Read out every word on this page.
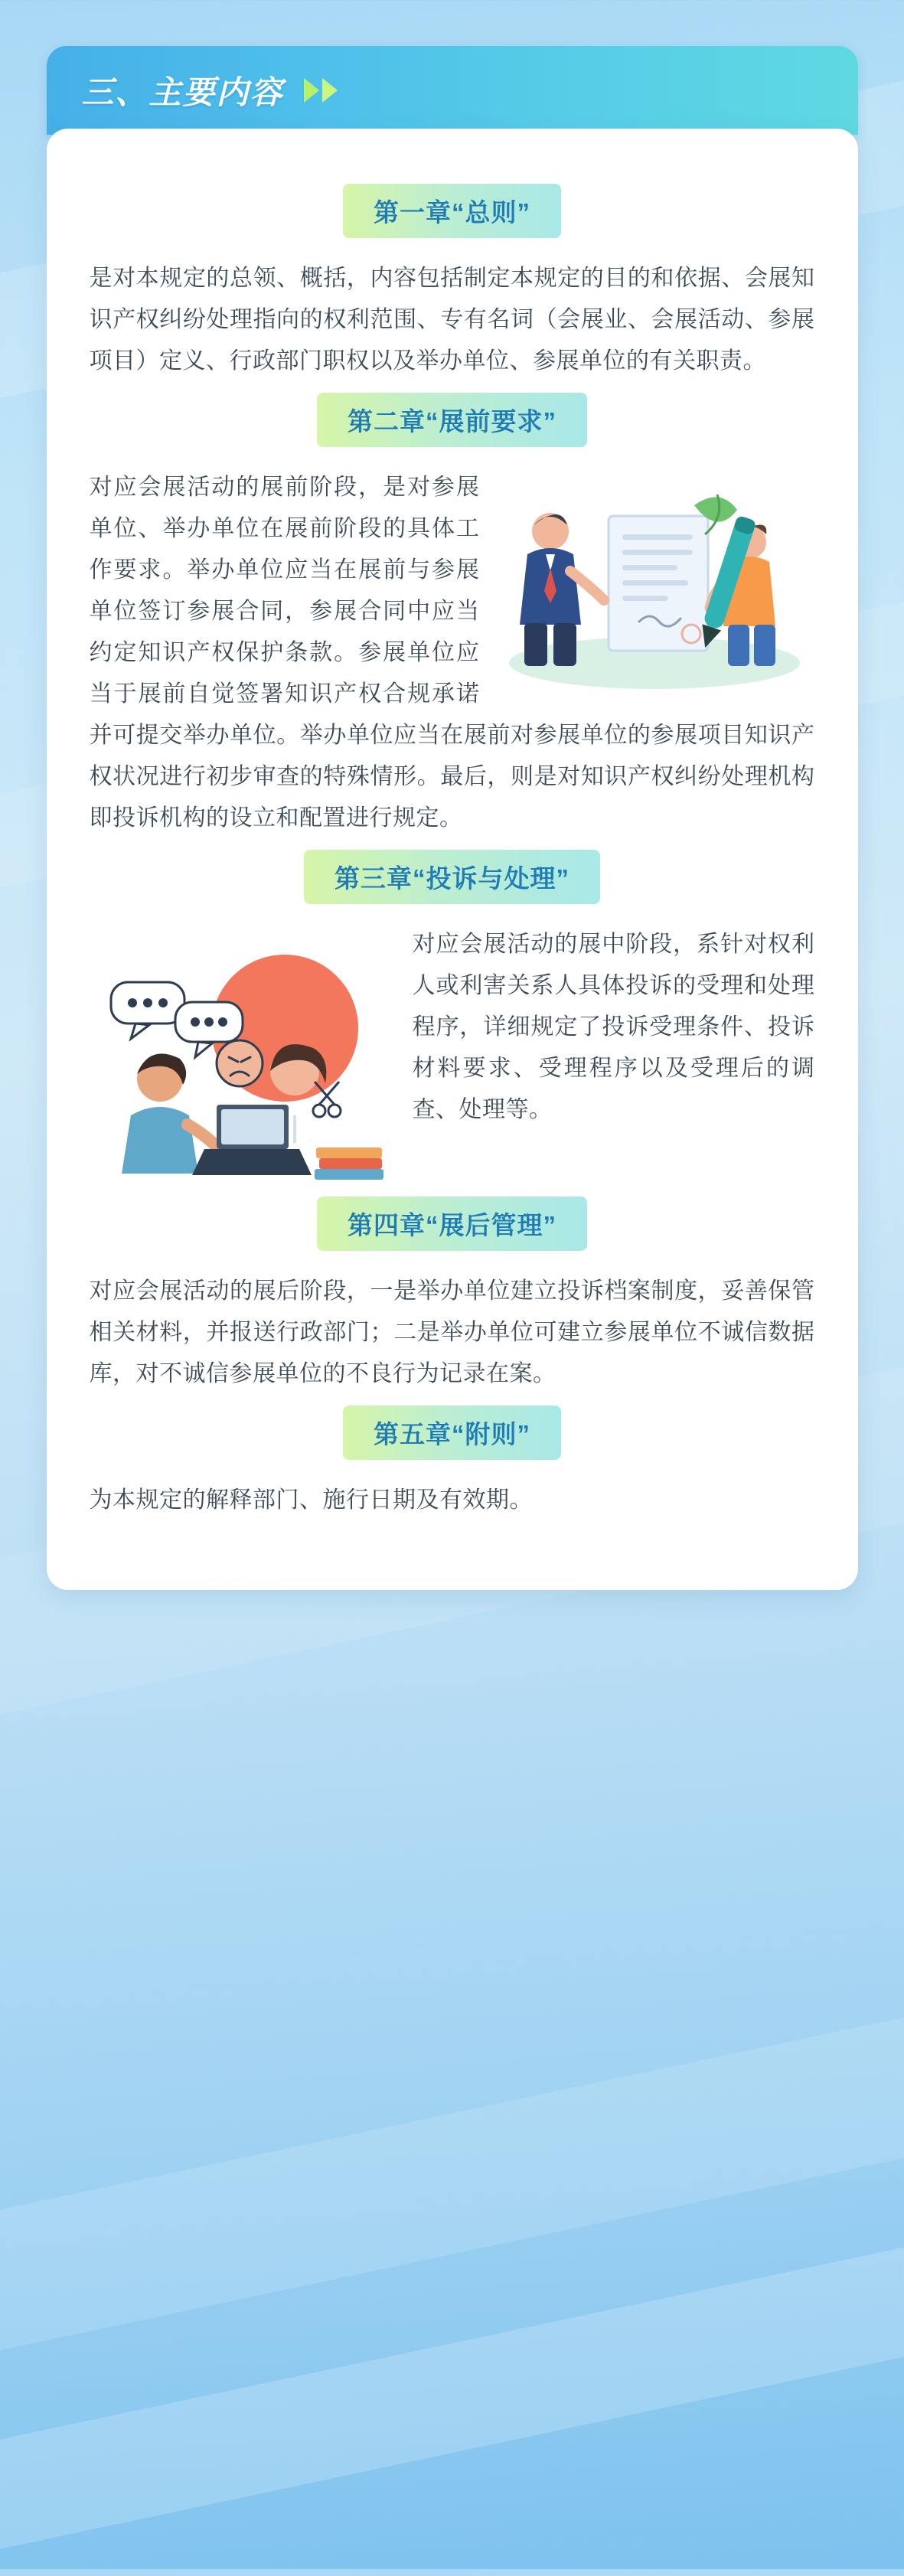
三、主要内容
第一章“总则”
是对本规定的总领、概括，内容包括制定本规定的目的和依据、会展知识产权纠纷处理指向的权利范围、专有名词（会展业、会展活动、参展项目）定义、行政部门职权以及举办单位、参展单位的有关职责。
第二章“展前要求”
对应会展活动的展前阶段，是对参展单位、举办单位在展前阶段的具体工作要求。举办单位应当在展前与参展单位签订参展合同，参展合同中应当约定知识产权保护条款。参展单位应当于展前自觉签署知识产权合规承诺并可提交举办单位。举办单位应当在展前对参展单位的参展项目知识产权状况进行初步审查的特殊情形。最后，则是对知识产权纠纷处理机构即投诉机构的设立和配置进行规定。
第三章“投诉与处理”
对应会展活动的展中阶段，系针对权利人或利害关系人具体投诉的受理和处理程序，详细规定了投诉受理条件、投诉材料要求、受理程序以及受理后的调查、处理等。
第四章“展后管理”
对应会展活动的展后阶段，一是举办单位建立投诉档案制度，妥善保管相关材料，并报送行政部门；二是举办单位可建立参展单位不诚信数据库，对不诚信参展单位的不良行为记录在案。
第五章“附则”
为本规定的解释部门、施行日期及有效期。
